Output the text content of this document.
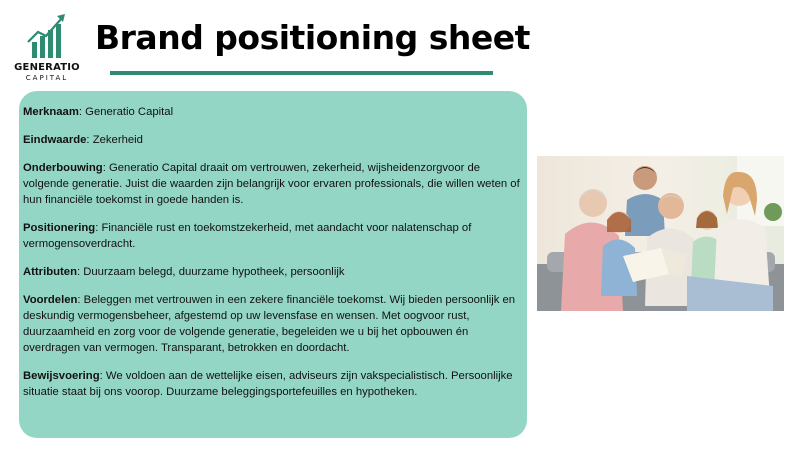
GENERATIO
CAPITAL
Brand positioning sheet

Merknaam: Generatio Capital

Eindwaarde: Zekerheid

Onderbouwing: Generatio Capital draait om vertrouwen, zekerheid, wijsheidenzorgvoor de volgende generatie. Juist die waarden zijn belangrijk voor ervaren professionals, die willen weten of hun financiële toekomst in goede handen is.

Positionering: Financiële rust en toekomstzekerheid, met aandacht voor nalatenschap of vermogensoverdracht.

Attributen: Duurzaam belegd, duurzame hypotheek, persoonlijk

Voordelen: Beleggen met vertrouwen in een zekere financiële toekomst. Wij bieden persoonlijk en deskundig vermogensbeheer, afgestemd op uw levensfase en wensen. Met oogvoor rust, duurzaamheid en zorg voor de volgende generatie, begeleiden we u bij het opbouwen én overdragen van vermogen. Transparant, betrokken en doordacht.

Bewijsvoering: We voldoen aan de wettelijke eisen, adviseurs zijn vakspecialistisch. Persoonlijke situatie staat bij ons voorop. Duurzame beleggingsportefeuilles en hypotheken.
